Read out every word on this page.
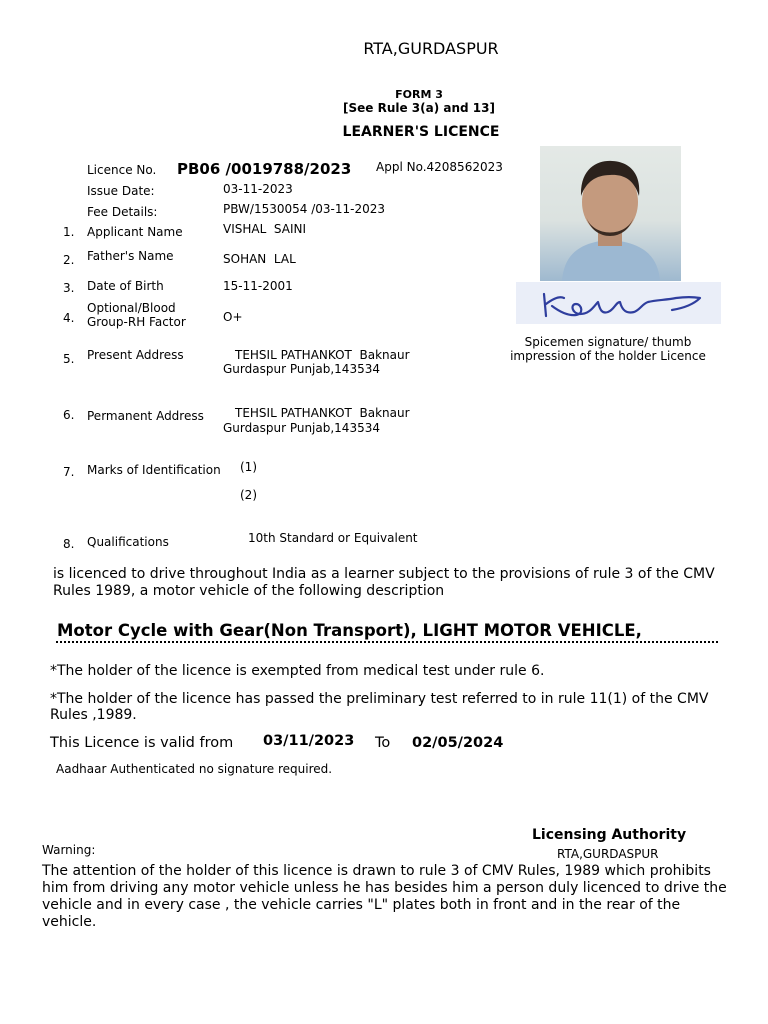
RTA,GURDASPUR
FORM 3
[See Rule 3(a) and 13]
LEARNER'S LICENCE
Licence No. PB06 /0019788/2023 Appl No.4208562023
Issue Date:	03-11-2023
Fee Details:	PBW/1530054 /03-11-2023
1. Applicant Name	VISHAL  SAINI
2. Father's Name	SOHAN  LAL
3. Date of Birth	15-11-2001
4.
Optional/Blood
Group-RH Factor	O+
5. Present Address	TEHSIL PATHANKOT  Baknaur
Gurdaspur Punjab,143534
6. Permanent Address	TEHSIL PATHANKOT  Baknaur
Gurdaspur Punjab,143534
7. Marks of Identification (1)
(2)
8. Qualifications	10th Standard or Equivalent
Spicemen signature/ thumb
impression of the holder Licence
is licenced to drive throughout India as a learner subject to the provisions of rule 3 of the CMV Rules 1989, a motor vehicle of the following description
Motor Cycle with Gear(Non Transport), LIGHT MOTOR VEHICLE,
*The holder of the licence is exempted from medical test under rule 6.
*The holder of the licence has passed the preliminary test referred to in rule 11(1) of the CMV Rules ,1989.
This Licence is valid from 03/11/2023 To 02/05/2024
Aadhaar Authenticated no signature required.
Licensing Authority
RTA,GURDASPUR
Warning:
The attention of the holder of this licence is drawn to rule 3 of CMV Rules, 1989 which prohibits him from driving any motor vehicle unless he has besides him a person duly licenced to drive the vehicle and in every case , the vehicle carries "L" plates both in front and in the rear of the vehicle.
